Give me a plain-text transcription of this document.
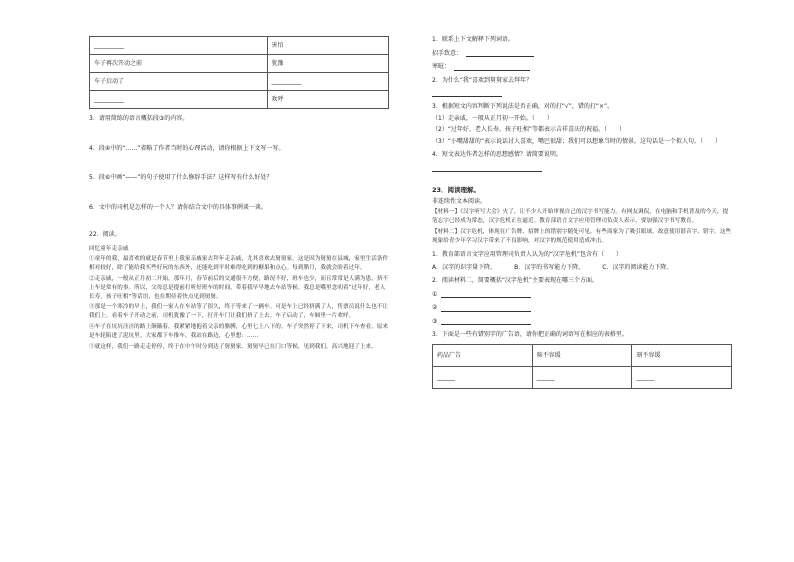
__________	害怕
车子再次开动之前	犹豫
车子启动了	__________
__________	欢呼
3．请用简练的语言概括段③的内容。
4．段④中的“……”省略了作者当时的心理活动，请你根据上下文写一写。
5．段⑥中画“——”的句子使用了什么修辞手法？这样写有什么好处？
6．文中的司机是怎样的一个人？请你结合文中的具体事例谈一谈。
22．阅读。
回忆童年走亲戚
①童年的我，最喜欢的就是春节里上我家亲戚家去拜年走亲戚，尤其喜欢去舅舅家。这是因为舅舅在县城，家里生活条件相对较好，除了能给我买些好玩的东西外，还能吃到平时难得吃到的糖果和点心。每到腊月，我就会盼着过年。
②走亲戚，一般从正月初二开始。那年月，春节前后的交通很不方便，路况不好，班车也少，而且常常是人满为患，挤不上车是常有的事。所以，父母总是提前打听好班车的时间，带着我早早地去车站等候。我总是嘴里念叨着“过年好，老人长寿，孩子旺相”等话语，也在期待着快点见到舅舅。
③那是一个寒冷的早上，我们一家人在车站等了很久，终于等来了一辆车。可是车上已经挤满了人，售票员说什么也不让我们上。看着车子开动之前，司机犹豫了一下，打开车门让我们挤了上去。车子启动了，车厢里一片欢呼。
④车子在坑坑洼洼的路上颠簸着，我紧紧地抱着父亲的胳膊，心里七上八下的。车子突然停了下来，司机下车查看，原来是车轮陷进了泥坑里。大家都下车推车，我站在路边，心里想：……
⑤就这样，我们一路走走停停，终于在中午时分到达了舅舅家。舅舅早已在门口等候，见到我们，高兴地迎了上来。
1．联系上下文解释下列词语。
招手致意：
寒暄：
2．为什么“我”喜欢到舅舅家去拜年？
3．根据短文内容判断下列说法是否正确，对的打“√”，错的打“×”。
（1）走亲戚，一般从正月初一开始。（　　）
（2）“过年好、老人长寿、孩子旺相”等都表示吉祥喜庆的祝福。（　　）
（3）“小嘴甜甜的”表示说话讨人喜欢，嘴巴很甜；我们可以想象当时的情景。这句话是一个拟人句。（　　）
4．短文表达作者怎样的思想感情？请简要说明。
23．阅读理解。
非连续性文本阅读。
【材料一】《汉字听写大会》火了，让不少人开始审视自己的汉字书写能力。有网友调侃，在电脑和手机普及的今天，提笔忘字已经成为常态，汉字危机正在逼近。教育部语言文字应用管理司负责人表示，要加强汉字书写教育。
【材料二】汉字危机，体现在广告牌、招牌上的错别字随处可见。有些商家为了吸引眼球，故意使用谐音字、错字。这些现象给青少年学习汉字带来了不良影响，对汉字的规范使用造成冲击。
1．教育部语言文字应用管理司负责人认为的“汉字危机”包含有（　　）
A．汉字的识字量下降。	B．汉字的书写能力下降。	C．汉字的阅读能力下降。
2．阅读材料二，简要概括“汉字危机”主要表现在哪三个方面。
①
②
③
3．下面是一些有错别字的广告语，请你把正确的词语写在相应的表格里。
药品广告	咳不容缓	刻不容缓
______	______	______
